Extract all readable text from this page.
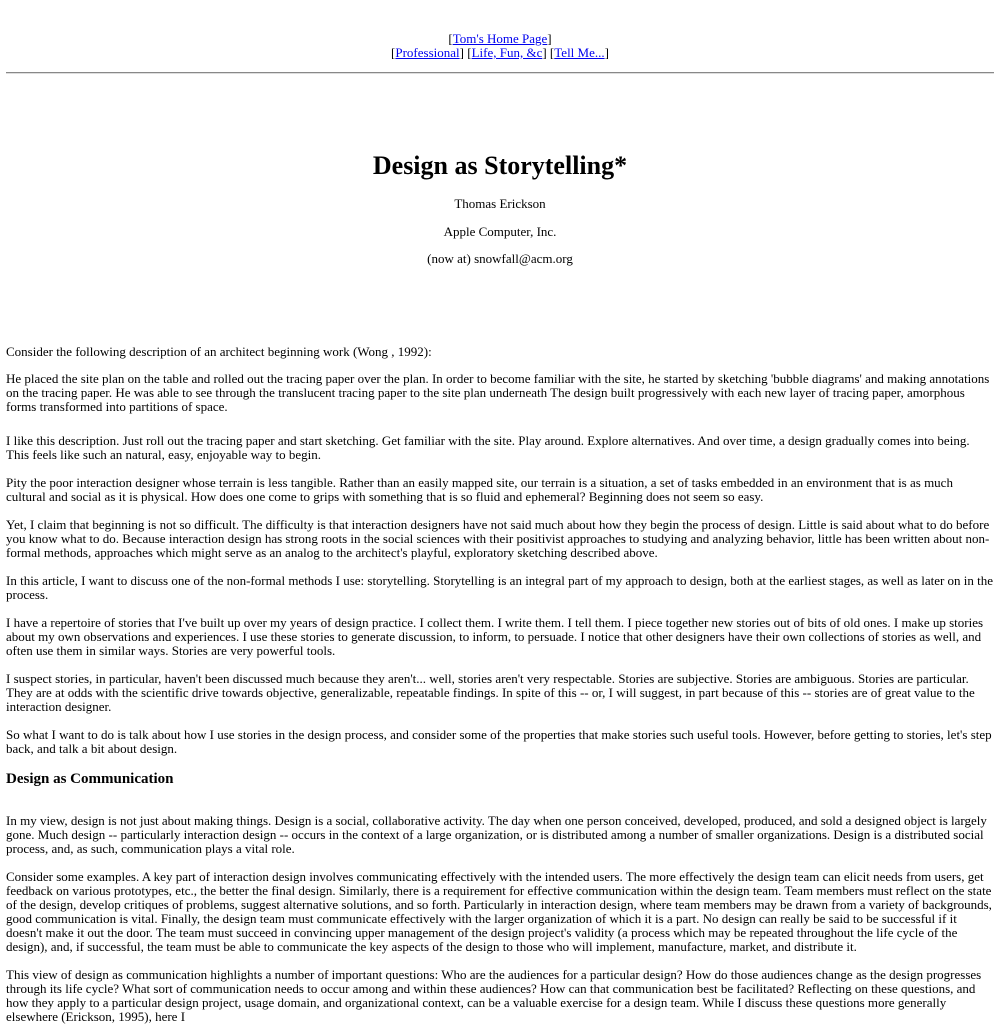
[Tom's Home Page]
[Professional] [Life, Fun, &c] [Tell Me...]
Design as Storytelling*
Thomas Erickson
Apple Computer, Inc.
(now at) snowfall@acm.org

Consider the following description of an architect beginning work (Wong , 1992):

He placed the site plan on the table and rolled out the tracing paper over the plan. In order to become familiar with the site, he started by sketching 'bubble diagrams' and making annotations on the tracing paper. He was able to see through the translucent tracing paper to the site plan underneath The design built progressively with each new layer of tracing paper, amorphous forms transformed into partitions of space.

I like this description. Just roll out the tracing paper and start sketching. Get familiar with the site. Play around. Explore alternatives. And over time, a design gradually comes into being. This feels like such an natural, easy, enjoyable way to begin.

Pity the poor interaction designer whose terrain is less tangible. Rather than an easily mapped site, our terrain is a situation, a set of tasks embedded in an environment that is as much cultural and social as it is physical. How does one come to grips with something that is so fluid and ephemeral? Beginning does not seem so easy.

Yet, I claim that beginning is not so difficult. The difficulty is that interaction designers have not said much about how they begin the process of design. Little is said about what to do before you know what to do. Because interaction design has strong roots in the social sciences with their positivist approaches to studying and analyzing behavior, little has been written about non-formal methods, approaches which might serve as an analog to the architect's playful, exploratory sketching described above.

In this article, I want to discuss one of the non-formal methods I use: storytelling. Storytelling is an integral part of my approach to design, both at the earliest stages, as well as later on in the process.

I have a repertoire of stories that I've built up over my years of design practice. I collect them. I write them. I tell them. I piece together new stories out of bits of old ones. I make up stories about my own observations and experiences. I use these stories to generate discussion, to inform, to persuade. I notice that other designers have their own collections of stories as well, and often use them in similar ways. Stories are very powerful tools.

I suspect stories, in particular, haven't been discussed much because they aren't... well, stories aren't very respectable. Stories are subjective. Stories are ambiguous. Stories are particular. They are at odds with the scientific drive towards objective, generalizable, repeatable findings. In spite of this -- or, I will suggest, in part because of this -- stories are of great value to the interaction designer.

So what I want to do is talk about how I use stories in the design process, and consider some of the properties that make stories such useful tools. However, before getting to stories, let's step back, and talk a bit about design.

Design as Communication

In my view, design is not just about making things. Design is a social, collaborative activity. The day when one person conceived, developed, produced, and sold a designed object is largely gone. Much design -- particularly interaction design -- occurs in the context of a large organization, or is distributed among a number of smaller organizations. Design is a distributed social process, and, as such, communication plays a vital role.

Consider some examples. A key part of interaction design involves communicating effectively with the intended users. The more effectively the design team can elicit needs from users, get feedback on various prototypes, etc., the better the final design. Similarly, there is a requirement for effective communication within the design team. Team members must reflect on the state of the design, develop critiques of problems, suggest alternative solutions, and so forth. Particularly in interaction design, where team members may be drawn from a variety of backgrounds, good communication is vital. Finally, the design team must communicate effectively with the larger organization of which it is a part. No design can really be said to be successful if it doesn't make it out the door. The team must succeed in convincing upper management of the design project's validity (a process which may be repeated throughout the life cycle of the design), and, if successful, the team must be able to communicate the key aspects of the design to those who will implement, manufacture, market, and distribute it.

This view of design as communication highlights a number of important questions: Who are the audiences for a particular design? How do those audiences change as the design progresses through its life cycle? What sort of communication needs to occur among and within these audiences? How can that communication best be facilitated? Reflecting on these questions, and how they apply to a particular design project, usage domain, and organizational context, can be a valuable exercise for a design team. While I discuss these questions more generally elsewhere (Erickson, 1995), here I
